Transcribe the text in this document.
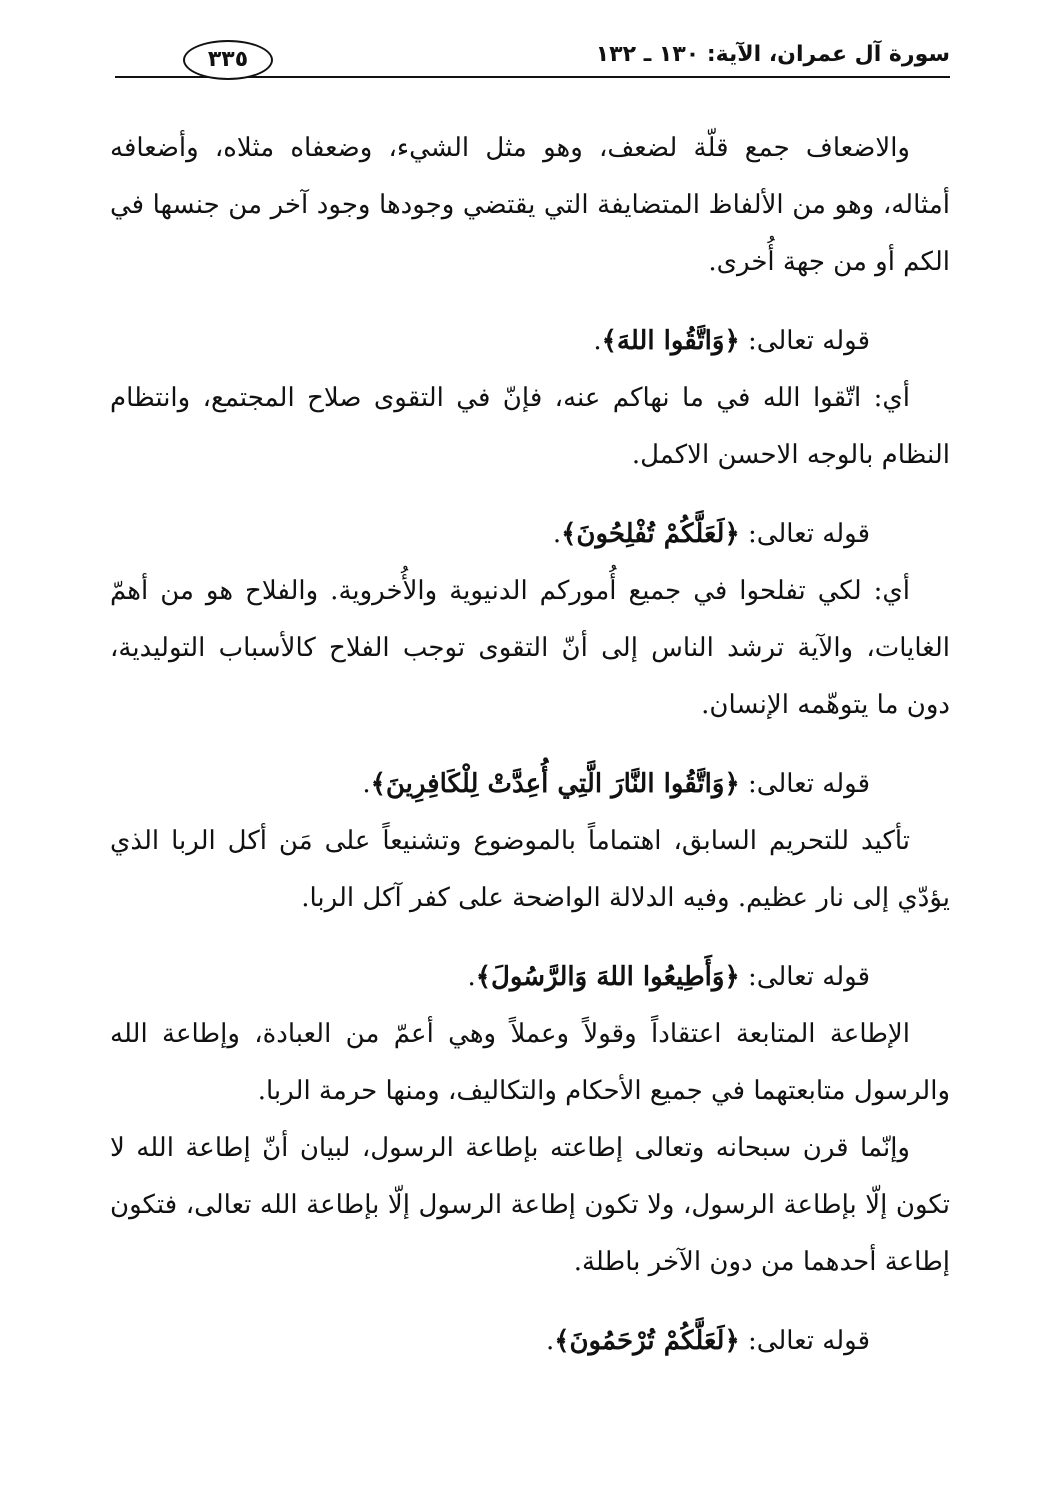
سورة آل عمران، الآية: ١٣٠ ـ ١٣٢
٣٣٥

والاضعاف جمع قلّة لضعف، وهو مثل الشيء، وضعفاه مثلاه، وأضعافه أمثاله، وهو من الألفاظ المتضايفة التي يقتضي وجودها وجود آخر من جنسها في الكم أو من جهة أُخرى.

قوله تعالى: ﴿وَاتَّقُوا اللهَ﴾.

أي: اتّقوا الله في ما نهاكم عنه، فإنّ في التقوى صلاح المجتمع، وانتظام النظام بالوجه الاحسن الاكمل.

قوله تعالى: ﴿لَعَلَّكُمْ تُفْلِحُونَ﴾.

أي: لكي تفلحوا في جميع أُموركم الدنيوية والأُخروية. والفلاح هو من أهمّ الغايات، والآية ترشد الناس إلى أنّ التقوى توجب الفلاح كالأسباب التوليدية، دون ما يتوهّمه الإنسان.

قوله تعالى: ﴿وَاتَّقُوا النَّارَ الَّتِي أُعِدَّتْ لِلْكَافِرِينَ﴾.

تأكيد للتحريم السابق، اهتماماً بالموضوع وتشنيعاً على مَن أكل الربا الذي يؤدّي إلى نار عظيم. وفيه الدلالة الواضحة على كفر آكل الربا.

قوله تعالى: ﴿وَأَطِيعُوا اللهَ وَالرَّسُولَ﴾.

الإطاعة المتابعة اعتقاداً وقولاً وعملاً وهي أعمّ من العبادة، وإطاعة الله والرسول متابعتهما في جميع الأحكام والتكاليف، ومنها حرمة الربا.

وإنّما قرن سبحانه وتعالى إطاعته بإطاعة الرسول، لبيان أنّ إطاعة الله لا تكون إلّا بإطاعة الرسول، ولا تكون إطاعة الرسول إلّا بإطاعة الله تعالى، فتكون إطاعة أحدهما من دون الآخر باطلة.

قوله تعالى: ﴿لَعَلَّكُمْ تُرْحَمُونَ﴾.
